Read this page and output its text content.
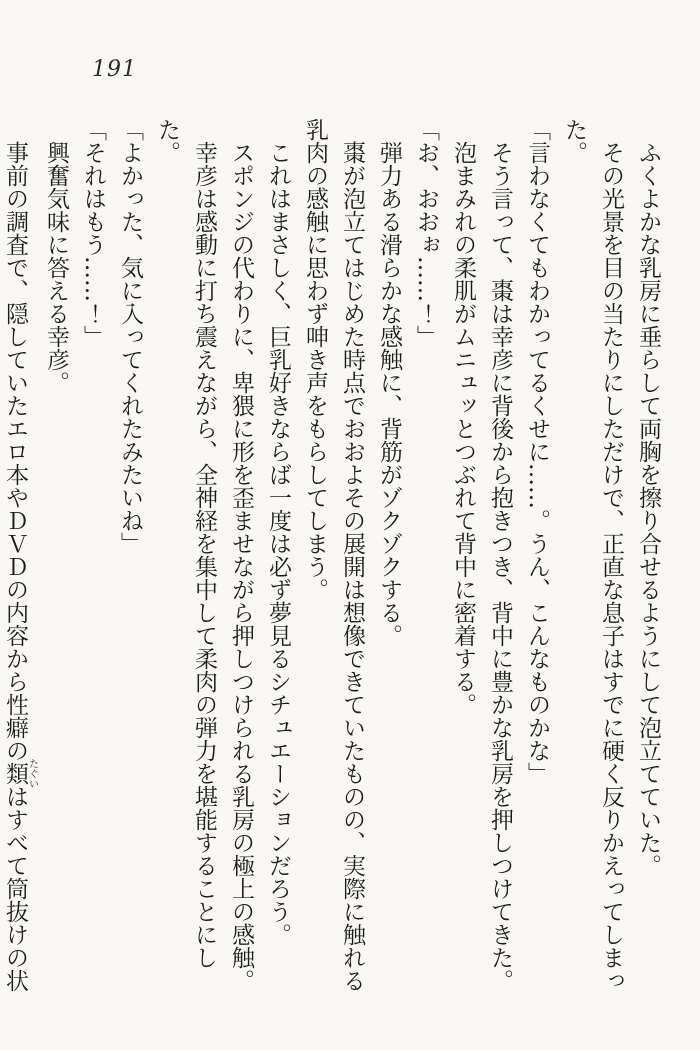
191

ふくよかな乳房に垂らして両胸を擦り合せるようにして泡立てていた。

その光景を目の当たりにしただけで、正直な息子はすでに硬く反りかえってしまった。

「言わなくてもわかってるくせに……。うん、こんなものかな」

そう言って、棗は幸彦に背後から抱きつき、背中に豊かな乳房を押しつけてきた。

泡まみれの柔肌がムニュッとつぶれて背中に密着する。

「お、おおぉ……！」

弾力ある滑らかな感触に、背筋がゾクゾクする。

棗が泡立てはじめた時点でおおよその展開は想像できていたものの、実際に触れる乳肉の感触に思わず呻き声をもらしてしまう。

これはまさしく、巨乳好きならば一度は必ず夢見るシチュエーションだろう。

スポンジの代わりに、卑猥に形を歪ませながら押しつけられる乳房の極上の感触。

幸彦は感動に打ち震えながら、全神経を集中して柔肉の弾力を堪能することにした。

「よかった、気に入ってくれたみたいね」

「それはもう……！」

興奮気味に答える幸彦。

事前の調査で、隠していたエロ本やＤＶＤの内容から性癖の類たぐいはすべて筒抜けの状
